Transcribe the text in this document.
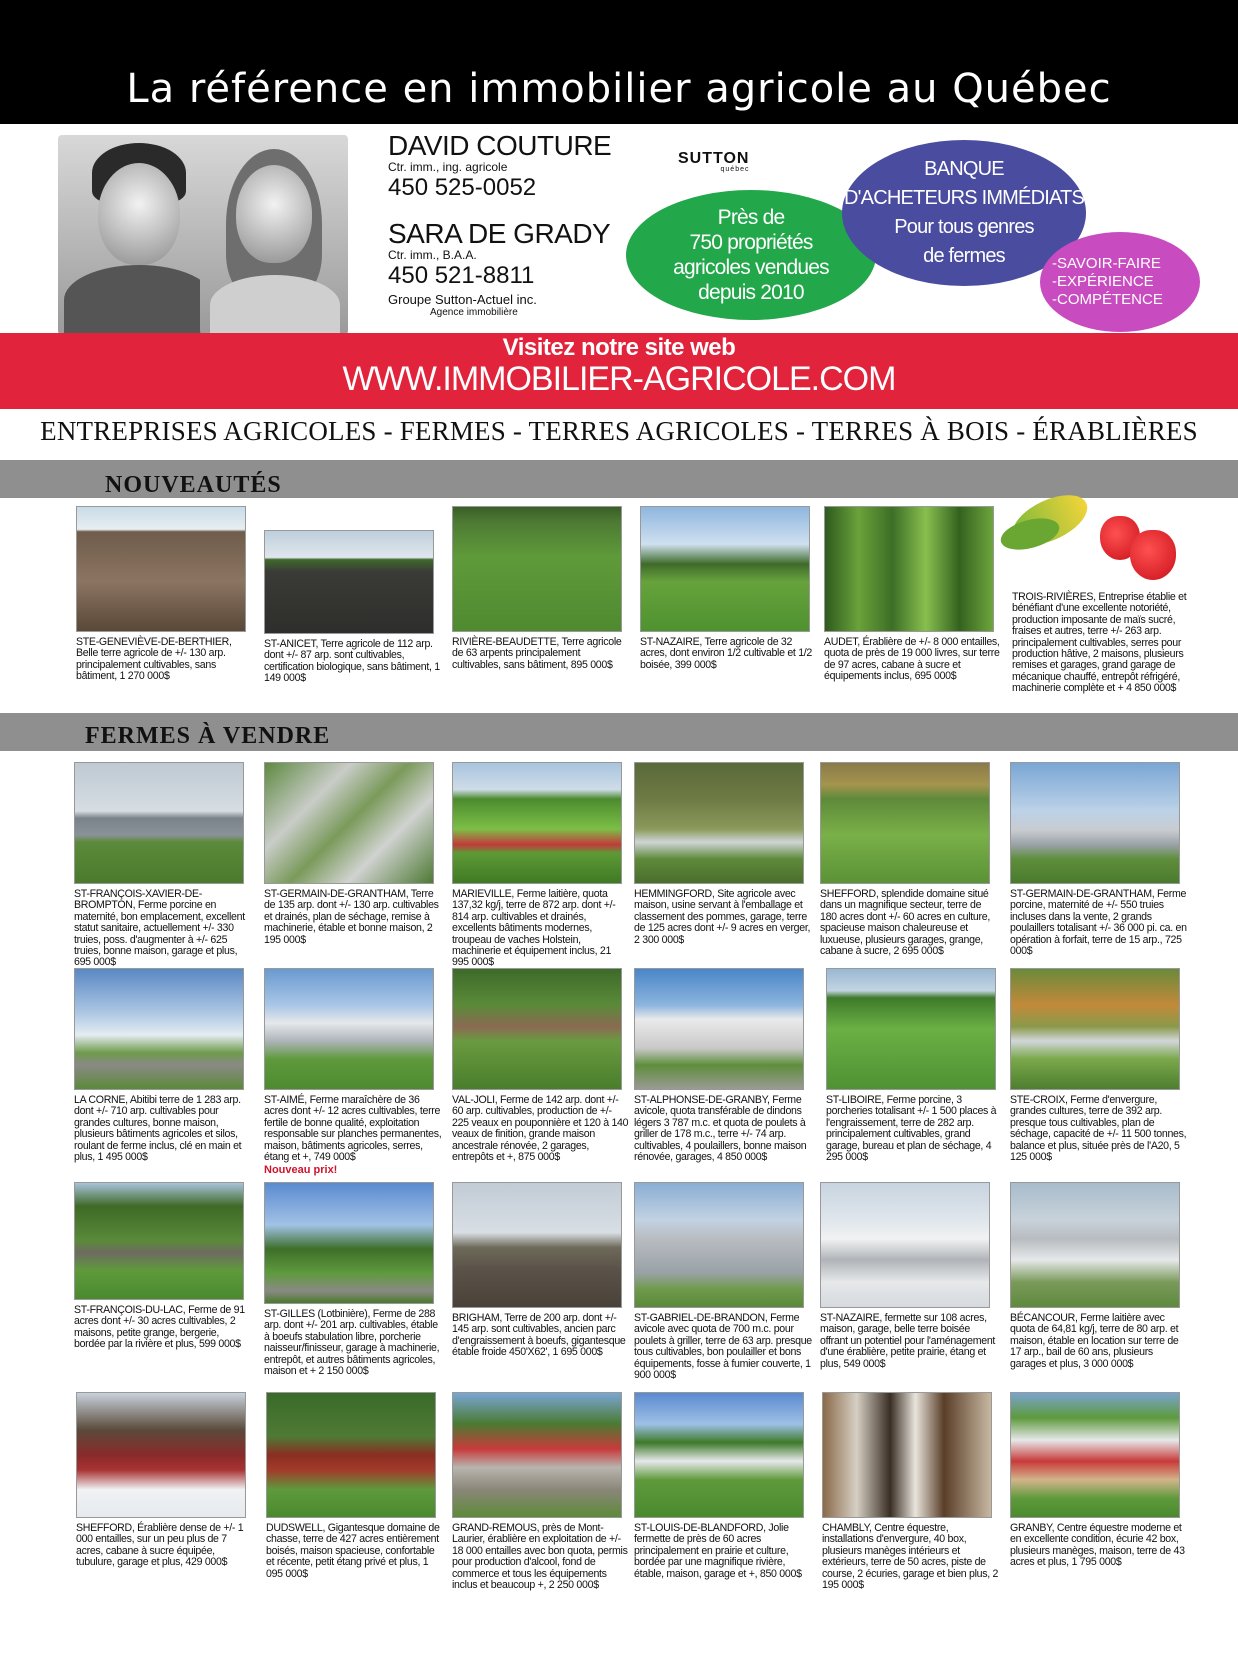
La référence en immobilier agricole au Québec
DAVID COUTURE
Ctr. imm., ing. agricole
450 525-0052
SARA DE GRADY
Ctr. imm., B.A.A.
450 521-8811
Groupe Sutton-Actuel inc.
Agence immobilière
SUTTON
québec
Près de
750 propriétés
agricoles vendues
depuis 2010
BANQUE
D'ACHETEURS IMMÉDIATS
Pour tous genres
de fermes	-SAVOIR-FAIRE
-EXPÉRIENCE
-COMPÉTENCE
Visitez notre site web
WWW.IMMOBILIER-AGRICOLE.COM
ENTREPRISES AGRICOLES - FERMES - TERRES AGRICOLES - TERRES À BOIS - ÉRABLIÈRES
NOUVEAUTÉS
FERMES À VENDRE
STE-GENEVIÈVE-DE-BERTHIER, Belle terre agricole de +/- 130 arp. principalement cultivables, sans bâtiment, 1 270 000$
ST-ANICET, Terre agricole de 112 arp. dont +/- 87 arp. sont cultivables, certification biologique, sans bâtiment, 1 149 000$
RIVIÈRE-BEAUDETTE, Terre agricole de 63 arpents principalement cultivables, sans bâtiment, 895 000$
ST-NAZAIRE, Terre agricole de 32 acres, dont environ 1/2 cultivable et 1/2 boisée, 399 000$
AUDET, Érablière de +/- 8 000 entailles, quota de près de 19 000 livres, sur terre de 97 acres, cabane à sucre et équipements inclus, 695 000$
TROIS-RIVIÈRES, Entreprise établie et bénéfiant d'une excellente notoriété, production imposante de maïs sucré, fraises et autres, terre +/- 263 arp. principalement cultivables, serres pour production hâtive, 2 maisons, plusieurs remises et garages, grand garage de mécanique chauffé, entrepôt réfrigéré, machinerie complète et + 4 850 000$
ST-FRANÇOIS-XAVIER-DE-BROMPTON, Ferme porcine en maternité, bon emplacement, excellent statut sanitaire, actuellement +/- 330 truies, poss. d'augmenter à +/- 625 truies, bonne maison, garage et plus, 695 000$
ST-GERMAIN-DE-GRANTHAM, Terre de 135 arp. dont +/- 130 arp. cultivables et drainés, plan de séchage, remise à machinerie, étable et bonne maison, 2 195 000$
MARIEVILLE, Ferme laitière, quota 137,32 kg/j, terre de 872 arp. dont +/- 814 arp. cultivables et drainés, excellents bâtiments modernes, troupeau de vaches Holstein, machinerie et équipement inclus, 21 995 000$
HEMMINGFORD, Site agricole avec maison, usine servant à l'emballage et classement des pommes, garage, terre de 125 acres dont +/- 9 acres en verger, 2 300 000$
SHEFFORD, splendide domaine situé dans un magnifique secteur, terre de 180 acres dont +/- 60 acres en culture, spacieuse maison chaleureuse et luxueuse, plusieurs garages, grange, cabane à sucre, 2 695 000$
ST-GERMAIN-DE-GRANTHAM, Ferme porcine, maternité de +/- 550 truies incluses dans la vente, 2 grands poulaillers totalisant +/- 36 000 pi. ca. en opération à forfait, terre de 15 arp., 725 000$
LA CORNE, Abitibi terre de 1 283 arp. dont +/- 710 arp. cultivables pour grandes cultures, bonne maison, plusieurs bâtiments agricoles et silos, roulant de ferme inclus, clé en main et plus, 1 495 000$
ST-AIMÉ, Ferme maraîchère de 36 acres dont +/- 12 acres cultivables, terre fertile de bonne qualité, exploitation responsable sur planches permanentes, maison, bâtiments agricoles, serres, étang et +, 749 000$
Nouveau prix!
VAL-JOLI, Ferme de 142 arp. dont +/- 60 arp. cultivables, production de +/- 225 veaux en pouponnière et 120 à 140 veaux de finition, grande maison ancestrale rénovée, 2 garages, entrepôts et +, 875 000$
ST-ALPHONSE-DE-GRANBY, Ferme avicole, quota transférable de dindons légers 3 787 m.c. et quota de poulets à griller de 178 m.c., terre +/- 74 arp. cultivables, 4 poulaillers, bonne maison rénovée, garages, 4 850 000$
ST-LIBOIRE, Ferme porcine, 3 porcheries totalisant +/- 1 500 places à l'engraissement, terre de 282 arp. principalement cultivables, grand garage, bureau et plan de séchage, 4 295 000$
STE-CROIX, Ferme d'envergure, grandes cultures, terre de 392 arp. presque tous cultivables, plan de séchage, capacité de +/- 11 500 tonnes, balance et plus, située près de l'A20, 5 125 000$
ST-FRANÇOIS-DU-LAC, Ferme de 91 acres dont +/- 30 acres cultivables, 2 maisons, petite grange, bergerie, bordée par la rivière et plus, 599 000$
ST-GILLES (Lotbinière), Ferme de 288 arp. dont +/- 201 arp. cultivables, étable à boeufs stabulation libre, porcherie naisseur/finisseur, garage à machinerie, entrepôt, et autres bâtiments agricoles, maison et + 2 150 000$
BRIGHAM, Terre de 200 arp. dont +/- 145 arp. sont cultivables, ancien parc d'engraissement à boeufs, gigantesque étable froide 450'X62', 1 695 000$
ST-GABRIEL-DE-BRANDON, Ferme avicole avec quota de 700 m.c. pour poulets à griller, terre de 63 arp. presque tous cultivables, bon poulailler et bons équipements, fosse à fumier couverte, 1 900 000$
ST-NAZAIRE, fermette sur 108 acres, maison, garage, belle terre boisée offrant un potentiel pour l'aménagement d'une érablière, petite prairie, étang et plus, 549 000$
BÉCANCOUR, Ferme laitière avec quota de 64,81 kg/j, terre de 80 arp. et maison, étable en location sur terre de 17 arp., bail de 60 ans, plusieurs garages et plus, 3 000 000$
SHEFFORD, Érablière dense de +/- 1 000 entailles, sur un peu plus de 7 acres, cabane à sucre équipée, tubulure, garage et plus, 429 000$
DUDSWELL, Gigantesque domaine de chasse, terre de 427 acres entièrement boisés, maison spacieuse, confortable et récente, petit étang privé et plus, 1 095 000$
GRAND-REMOUS, près de Mont-Laurier, érablière en exploitation de +/- 18 000 entailles avec bon quota, permis pour production d'alcool, fond de commerce et tous les équipements inclus et beaucoup +, 2 250 000$
ST-LOUIS-DE-BLANDFORD, Jolie fermette de près de 60 acres principalement en prairie et culture, bordée par une magnifique rivière, étable, maison, garage et +, 850 000$
CHAMBLY, Centre équestre, installations d'envergure, 40 box, plusieurs manèges intérieurs et extérieurs, terre de 50 acres, piste de course, 2 écuries, garage et bien plus, 2 195 000$
GRANBY, Centre équestre moderne et en excellente condition, écurie 42 box, plusieurs manèges, maison, terre de 43 acres et plus, 1 795 000$
